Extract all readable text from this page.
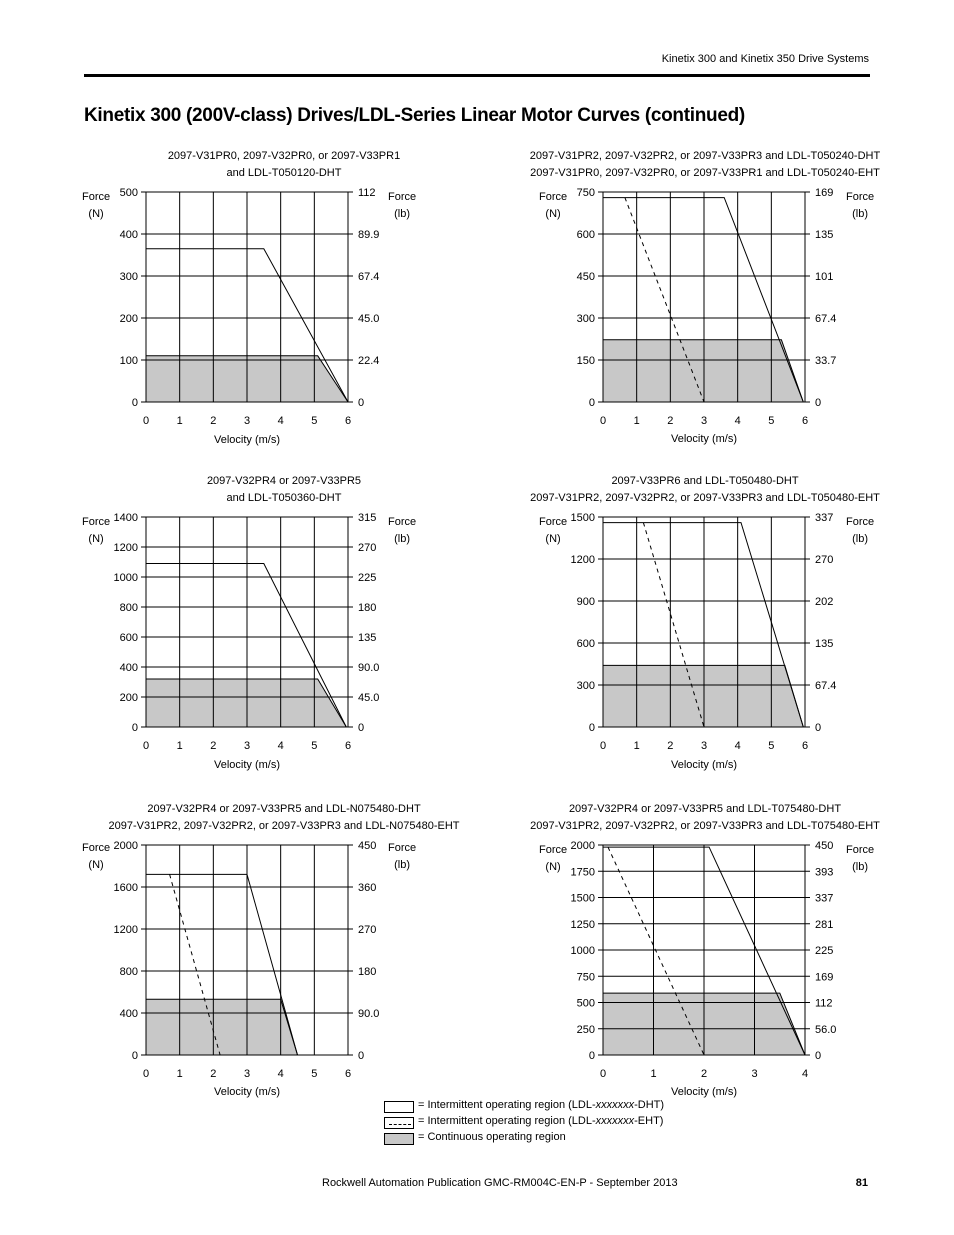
Kinetix 300 and Kinetix 350 Drive Systems
Kinetix 300 (200V-class) Drives/LDL-Series Linear Motor Curves (continued)
2097-V31PR0, 2097-V32PR0, or 2097-V33PR1
and LDL-T050120-DHT
Force
(N)
Force
(lb)
Velocity (m/s)
0	0
100	22.4
200	45.0
300	67.4
400	89.9
500	112
0	1	2	3	4	5	6
2097-V31PR2, 2097-V32PR2, or 2097-V33PR3 and LDL-T050240-DHT
2097-V31PR0, 2097-V32PR0, or 2097-V33PR1 and LDL-T050240-EHT
Force
(N)
Force
(lb)
Velocity (m/s)
0	0
150	33.7
300	67.4
450	101
600	135
750	169
0	1	2	3	4	5	6
2097-V32PR4 or 2097-V33PR5
and LDL-T050360-DHT
Force
(N)
Force
(lb)
Velocity (m/s)
0	0
200	45.0
400	90.0
600	135
800	180
1000	225
1200	270
1400	315
0	1	2	3	4	5	6
2097-V33PR6 and LDL-T050480-DHT
2097-V31PR2, 2097-V32PR2, or 2097-V33PR3 and LDL-T050480-EHT
Force
(N)
Force
(lb)
Velocity (m/s)
0	0
300	67.4
600	135
900	202
1200	270
1500	337
0	1	2	3	4	5	6
2097-V32PR4 or 2097-V33PR5 and LDL-N075480-DHT
2097-V31PR2, 2097-V32PR2, or 2097-V33PR3 and LDL-N075480-EHT
Force
(N)
Force
(lb)
Velocity (m/s)
0	0
400	90.0
800	180
1200	270
1600	360
2000	450
0	1	2	3	4	5	6
2097-V32PR4 or 2097-V33PR5 and LDL-T075480-DHT
2097-V31PR2, 2097-V32PR2, or 2097-V33PR3 and LDL-T075480-EHT
Force
(N)
Force
(lb)
Velocity (m/s)
0	0
250	56.0
500	112
750	169
1000	225
1250	281
1500	337
1750	393
2000	450
0	1	2	3	4
= Intermittent operating region (LDL-xxxxxxx-DHT)
= Intermittent operating region (LDL-xxxxxxx-EHT)
= Continuous operating region
Rockwell Automation Publication GMC-RM004C-EN-P - September 2013	81
